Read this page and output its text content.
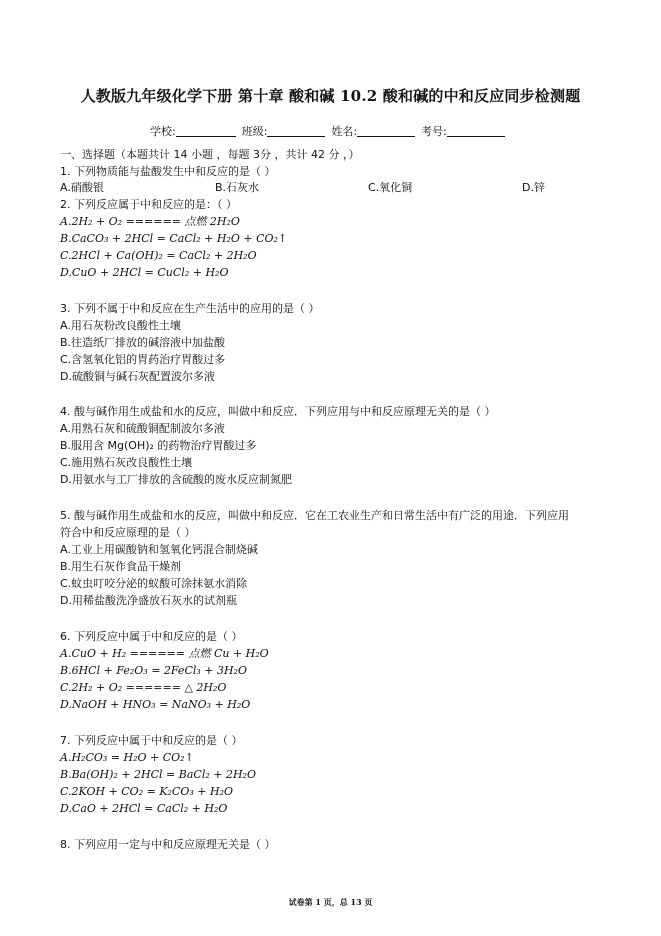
人教版九年级化学下册 第十章 酸和碱 10.2 酸和碱的中和反应同步检测题
学校:	班级:	姓名:	考号:
一、选择题（本题共计 14 小题 ，每题 3分 ，共计 42 分 ，）
1. 下列物质能与盐酸发生中和反应的是（ ）
A.硝酸银	B.石灰水	C.氧化铜	D.锌
2. 下列反应属于中和反应的是：（ ）
A.2H₂ + O₂ ====== 点燃 2H₂O
B.CaCO₃ + 2HCl = CaCl₂ + H₂O + CO₂↑
C.2HCl + Ca(OH)₂ = CaCl₂ + 2H₂O
D.CuO + 2HCl = CuCl₂ + H₂O
3. 下列不属于中和反应在生产生活中的应用的是（ ）
A.用石灰粉改良酸性土壤
B.往造纸厂排放的碱溶液中加盐酸
C.含氢氧化铝的胃药治疗胃酸过多
D.硫酸铜与碱石灰配置波尔多液
4. 酸与碱作用生成盐和水的反应，叫做中和反应．下列应用与中和反应原理无关的是（ ）
A.用熟石灰和硫酸铜配制波尔多液
B.服用含 Mg(OH)₂ 的药物治疗胃酸过多
C.施用熟石灰改良酸性土壤
D.用氨水与工厂排放的含硫酸的废水反应制氮肥
5. 酸与碱作用生成盐和水的反应，叫做中和反应．它在工农业生产和日常生活中有广泛的用途．下列应用
符合中和反应原理的是（ ）
A.工业上用碳酸钠和氢氧化钙混合制烧碱
B.用生石灰作食品干燥剂
C.蚊虫叮咬分泌的蚁酸可涂抹氨水消除
D.用稀盐酸洗净盛放石灰水的试剂瓶
6. 下列反应中属于中和反应的是（ ）
A.CuO + H₂ ====== 点燃 Cu + H₂O
B.6HCl + Fe₂O₃ = 2FeCl₃ + 3H₂O
C.2H₂ + O₂ ====== △ 2H₂O
D.NaOH + HNO₃ = NaNO₃ + H₂O
7. 下列反应中属于中和反应的是（ ）
A.H₂CO₃ = H₂O + CO₂↑
B.Ba(OH)₂ + 2HCl = BaCl₂ + 2H₂O
C.2KOH + CO₂ = K₂CO₃ + H₂O
D.CaO + 2HCl = CaCl₂ + H₂O
8. 下列应用一定与中和反应原理无关是（ ）
试卷第 1 页，总 13 页
